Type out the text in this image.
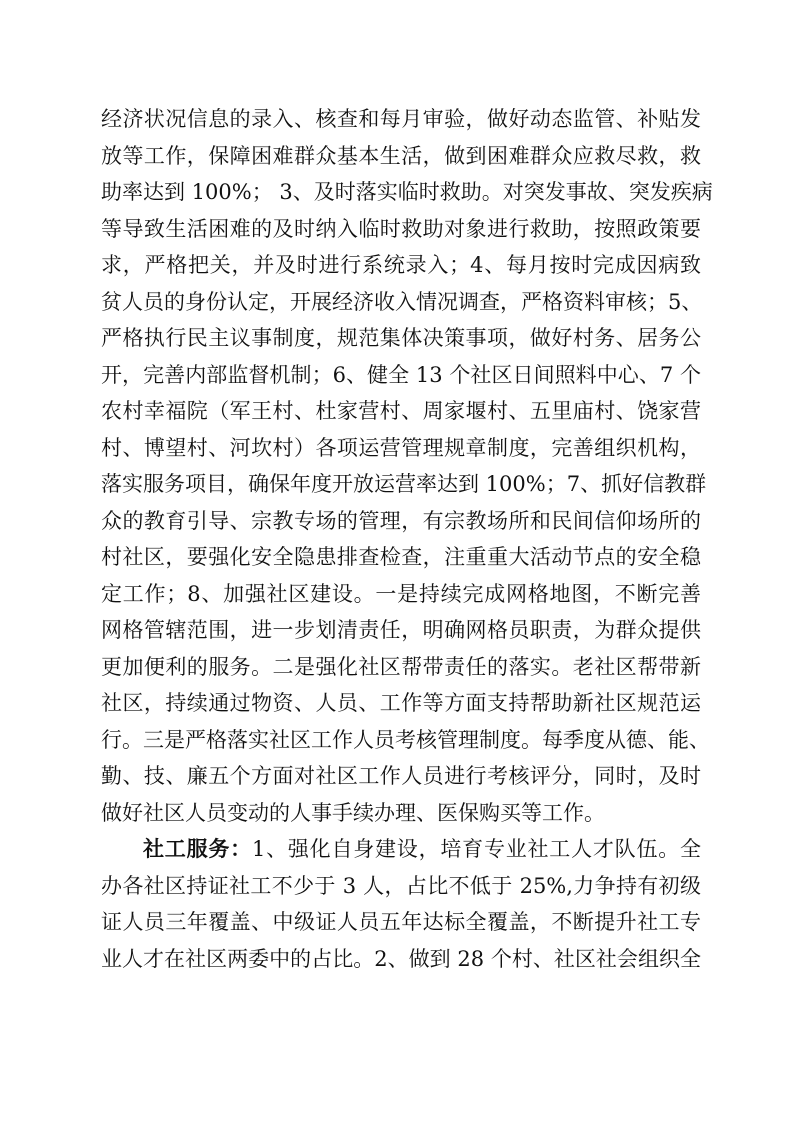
经济状况信息的录入、核查和每月审验，做好动态监管、补贴发
放等工作，保障困难群众基本生活，做到困难群众应救尽救，救
助率达到 100%； 3、及时落实临时救助。对突发事故、突发疾病
等导致生活困难的及时纳入临时救助对象进行救助，按照政策要
求，严格把关，并及时进行系统录入；4、每月按时完成因病致
贫人员的身份认定，开展经济收入情况调查，严格资料审核；5、
严格执行民主议事制度，规范集体决策事项，做好村务、居务公
开，完善内部监督机制；6、健全 13 个社区日间照料中心、7 个
农村幸福院（军王村、杜家营村、周家堰村、五里庙村、饶家营
村、博望村、河坎村）各项运营管理规章制度，完善组织机构，
落实服务项目，确保年度开放运营率达到 100%；7、抓好信教群
众的教育引导、宗教专场的管理，有宗教场所和民间信仰场所的
村社区，要强化安全隐患排查检查，注重重大活动节点的安全稳
定工作；8、加强社区建设。一是持续完成网格地图，不断完善
网格管辖范围，进一步划清责任，明确网格员职责，为群众提供
更加便利的服务。二是强化社区帮带责任的落实。老社区帮带新
社区，持续通过物资、人员、工作等方面支持帮助新社区规范运
行。三是严格落实社区工作人员考核管理制度。每季度从德、能、
勤、技、廉五个方面对社区工作人员进行考核评分，同时，及时
做好社区人员变动的人事手续办理、医保购买等工作。
社工服务：1、强化自身建设，培育专业社工人才队伍。全
办各社区持证社工不少于 3 人，占比不低于 25%,力争持有初级
证人员三年覆盖、中级证人员五年达标全覆盖，不断提升社工专
业人才在社区两委中的占比。2、做到 28 个村、社区社会组织全
